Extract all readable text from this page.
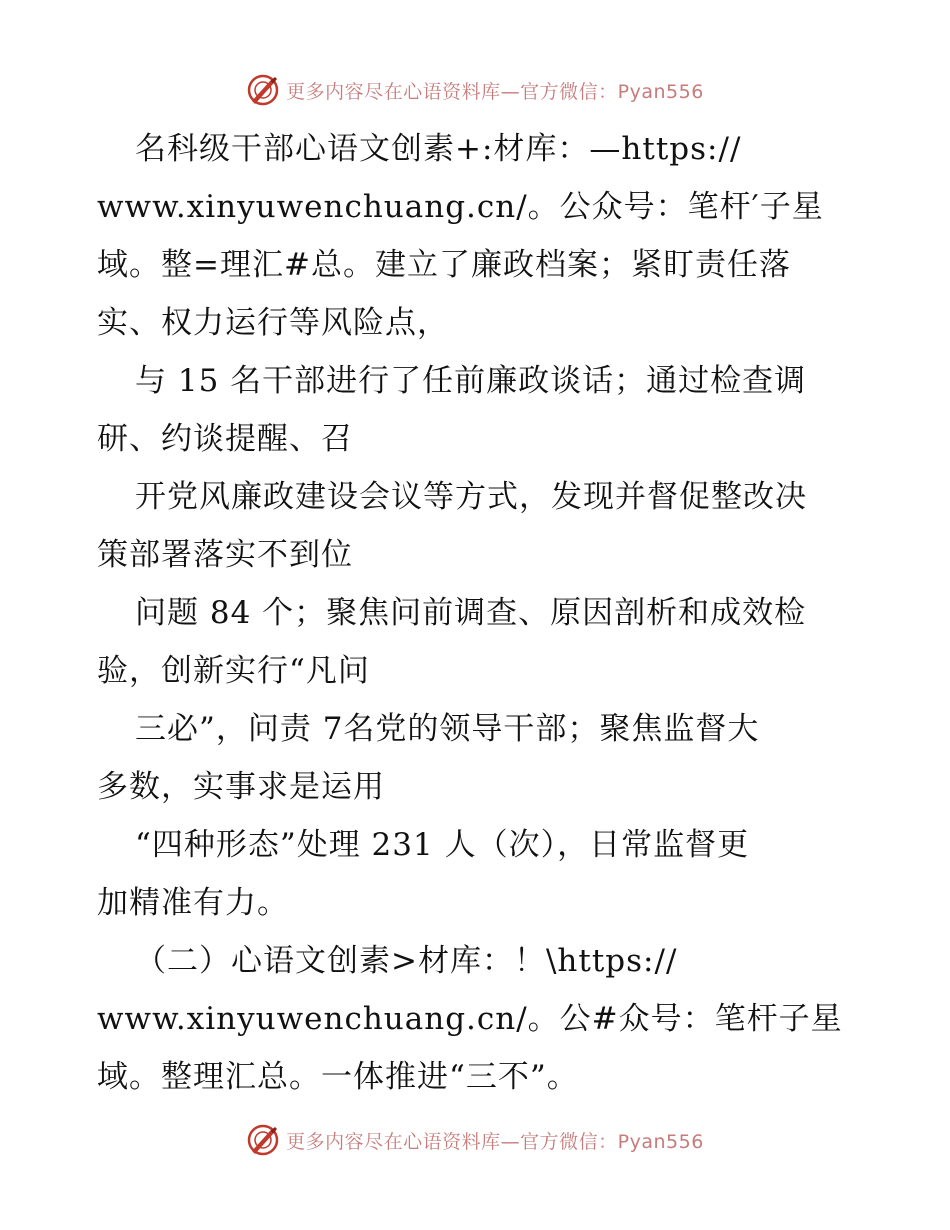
更多内容尽在心语资料库—官方微信：Pyan556
名科级干部心语文创素+:材库：—https://
www.xinyuwenchuang.cn/。公众号：笔杆′子星
域。整=理汇#总。建立了廉政档案；紧盯责任落
实、权力运行等风险点，
与 15 名干部进行了任前廉政谈话；通过检查调
研、约谈提醒、召
开党风廉政建设会议等方式，发现并督促整改决
策部署落实不到位
问题 84 个；聚焦问前调查、原因剖析和成效检
验，创新实行“凡问
三必”，问责 7名党的领导干部；聚焦监督大
多数，实事求是运用
“四种形态”处理 231 人（次），日常监督更
加精准有力。
（二）心语文创素>材库：！\https://
www.xinyuwenchuang.cn/。公#众号：笔杆子星
域。整理汇总。一体推进“三不”。
更多内容尽在心语资料库—官方微信：Pyan556
